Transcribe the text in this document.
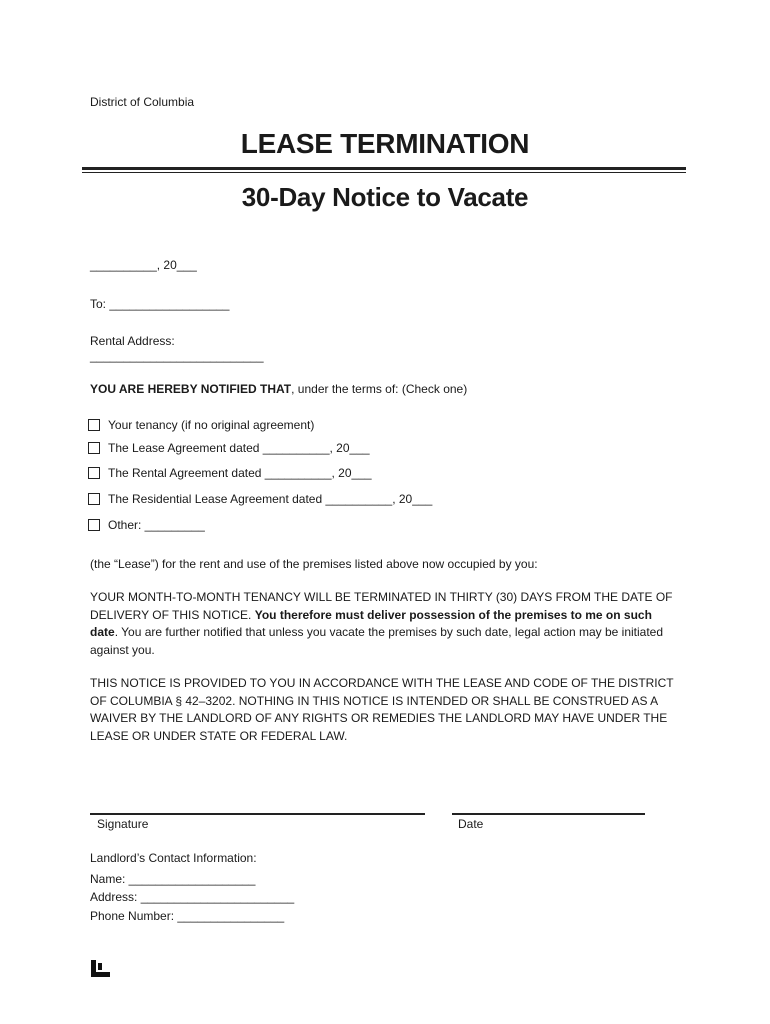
District of Columbia
LEASE TERMINATION
30-Day Notice to Vacate
__________, 20___
To: __________________
Rental Address:
__________________________
YOU ARE HEREBY NOTIFIED THAT, under the terms of: (Check one)
Your tenancy (if no original agreement)
The Lease Agreement dated __________, 20___
The Rental Agreement dated __________, 20___
The Residential Lease Agreement dated __________, 20___
Other: _________
(the “Lease”) for the rent and use of the premises listed above now occupied by you:
YOUR MONTH-TO-MONTH TENANCY WILL BE TERMINATED IN THIRTY (30) DAYS FROM THE DATE OF DELIVERY OF THIS NOTICE. You therefore must deliver possession of the premises to me on such date. You are further notified that unless you vacate the premises by such date, legal action may be initiated against you.
THIS NOTICE IS PROVIDED TO YOU IN ACCORDANCE WITH THE LEASE AND CODE OF THE DISTRICT OF COLUMBIA § 42–3202. NOTHING IN THIS NOTICE IS INTENDED OR SHALL BE CONSTRUED AS A WAIVER BY THE LANDLORD OF ANY RIGHTS OR REMEDIES THE LANDLORD MAY HAVE UNDER THE LEASE OR UNDER STATE OR FEDERAL LAW.
Signature	Date
Landlord’s Contact Information:
Name: ___________________
Address: _______________________
Phone Number: ________________
